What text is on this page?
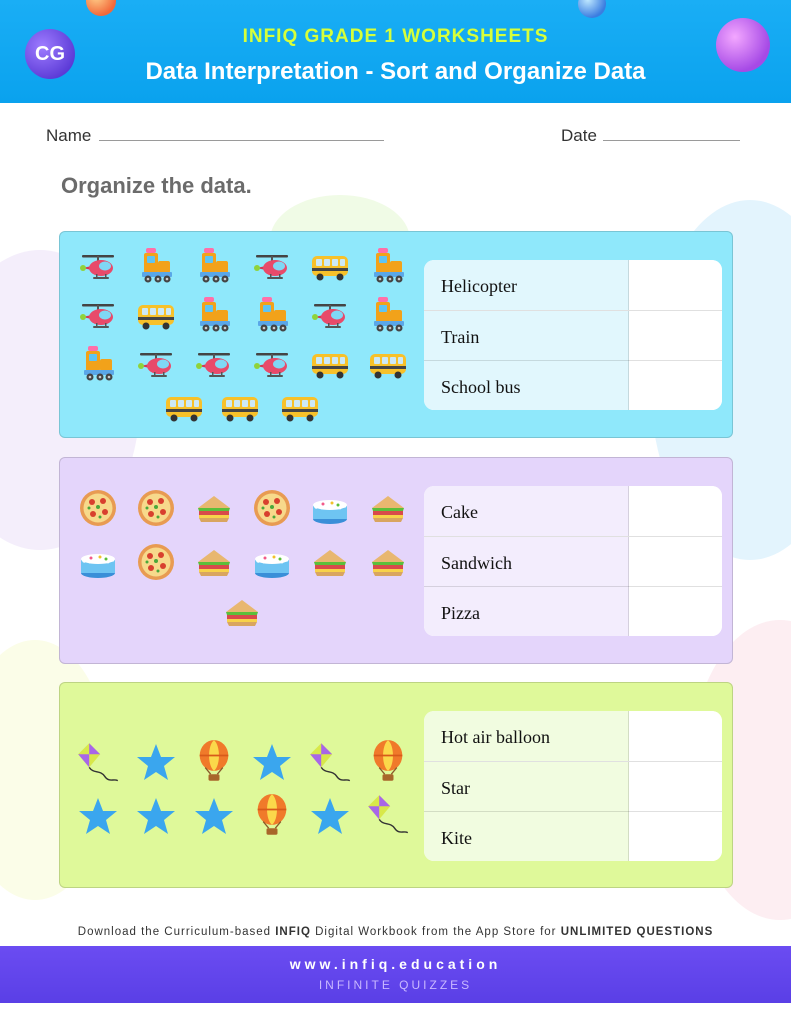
CG
INFIQ GRADE 1 WORKSHEETS
Data Interpretation - Sort and Organize Data
Name	Date
Organize the data.
Helicopter
Train
School bus
Cake
Sandwich
Pizza
Hot air balloon
Star
Kite
Download the Curriculum-based INFIQ Digital Workbook from the App Store for UNLIMITED QUESTIONS
www.infiq.education
INFINITE QUIZZES
